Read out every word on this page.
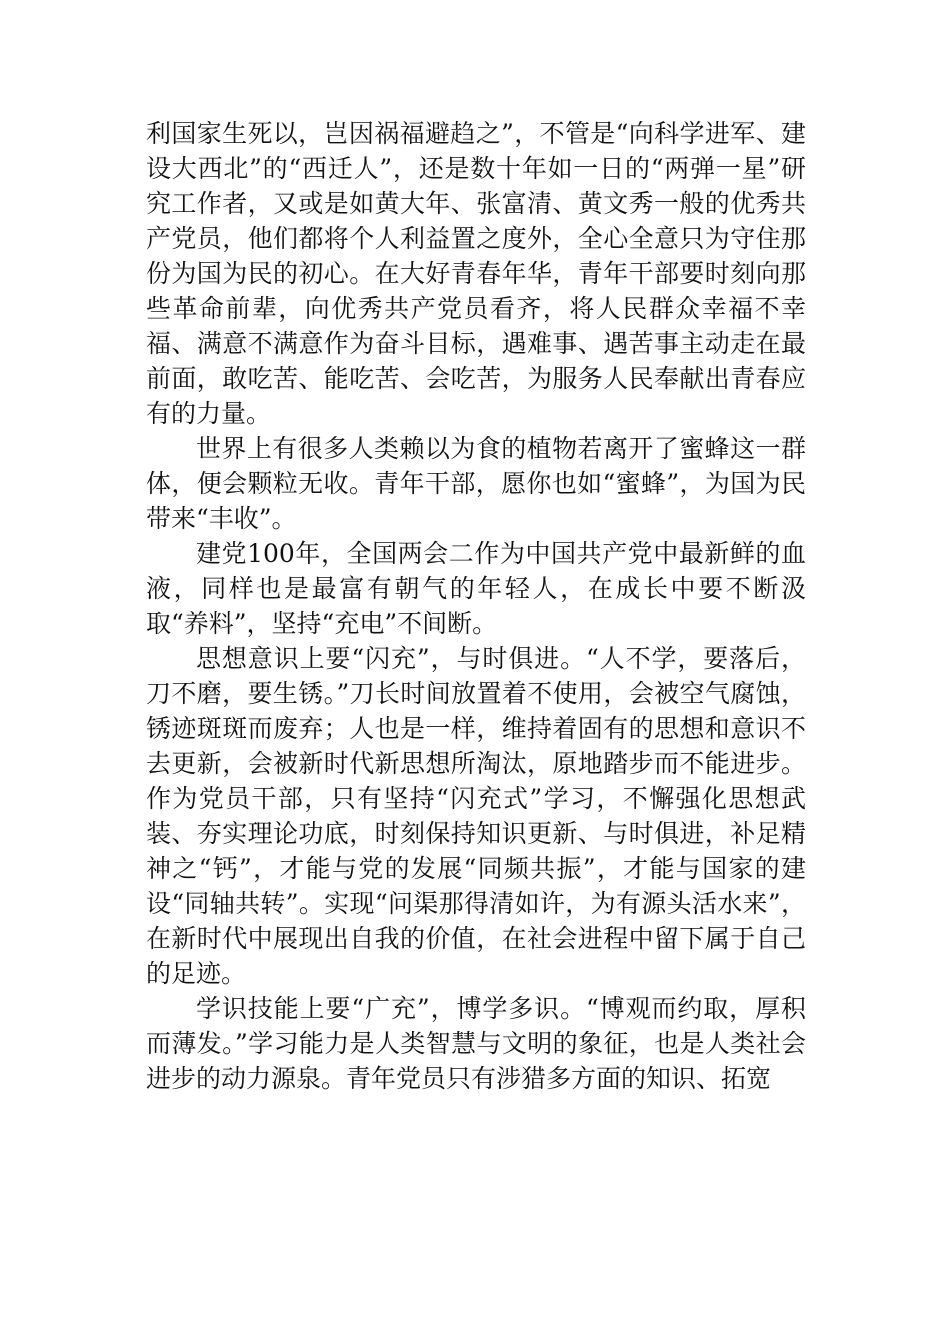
利国家生死以，岂因祸福避趋之”，不管是“向科学进军、建设大西北”的“西迁人”，还是数十年如一日的“两弹一星”研究工作者，又或是如黄大年、张富清、黄文秀一般的优秀共产党员，他们都将个人利益置之度外，全心全意只为守住那份为国为民的初心。在大好青春年华，青年干部要时刻向那些革命前辈，向优秀共产党员看齐，将人民群众幸福不幸福、满意不满意作为奋斗目标，遇难事、遇苦事主动走在最前面，敢吃苦、能吃苦、会吃苦，为服务人民奉献出青春应有的力量。

世界上有很多人类赖以为食的植物若离开了蜜蜂这一群体，便会颗粒无收。青年干部，愿你也如“蜜蜂”，为国为民带来“丰收”。

建党100年，全国两会二作为中国共产党中最新鲜的血液，同样也是最富有朝气的年轻人，在成长中要不断汲取“养料”，坚持“充电”不间断。

思想意识上要“闪充”，与时俱进。“人不学，要落后，刀不磨，要生锈。”刀长时间放置着不使用，会被空气腐蚀，锈迹斑斑而废弃；人也是一样，维持着固有的思想和意识不去更新，会被新时代新思想所淘汰，原地踏步而不能进步。作为党员干部，只有坚持“闪充式”学习，不懈强化思想武装、夯实理论功底，时刻保持知识更新、与时俱进，补足精神之“钙”，才能与党的发展“同频共振”，才能与国家的建设“同轴共转”。实现“问渠那得清如许，为有源头活水来”，在新时代中展现出自我的价值，在社会进程中留下属于自己的足迹。

学识技能上要“广充”，博学多识。“博观而约取，厚积而薄发。”学习能力是人类智慧与文明的象征，也是人类社会进步的动力源泉。青年党员只有涉猎多方面的知识、拓宽
